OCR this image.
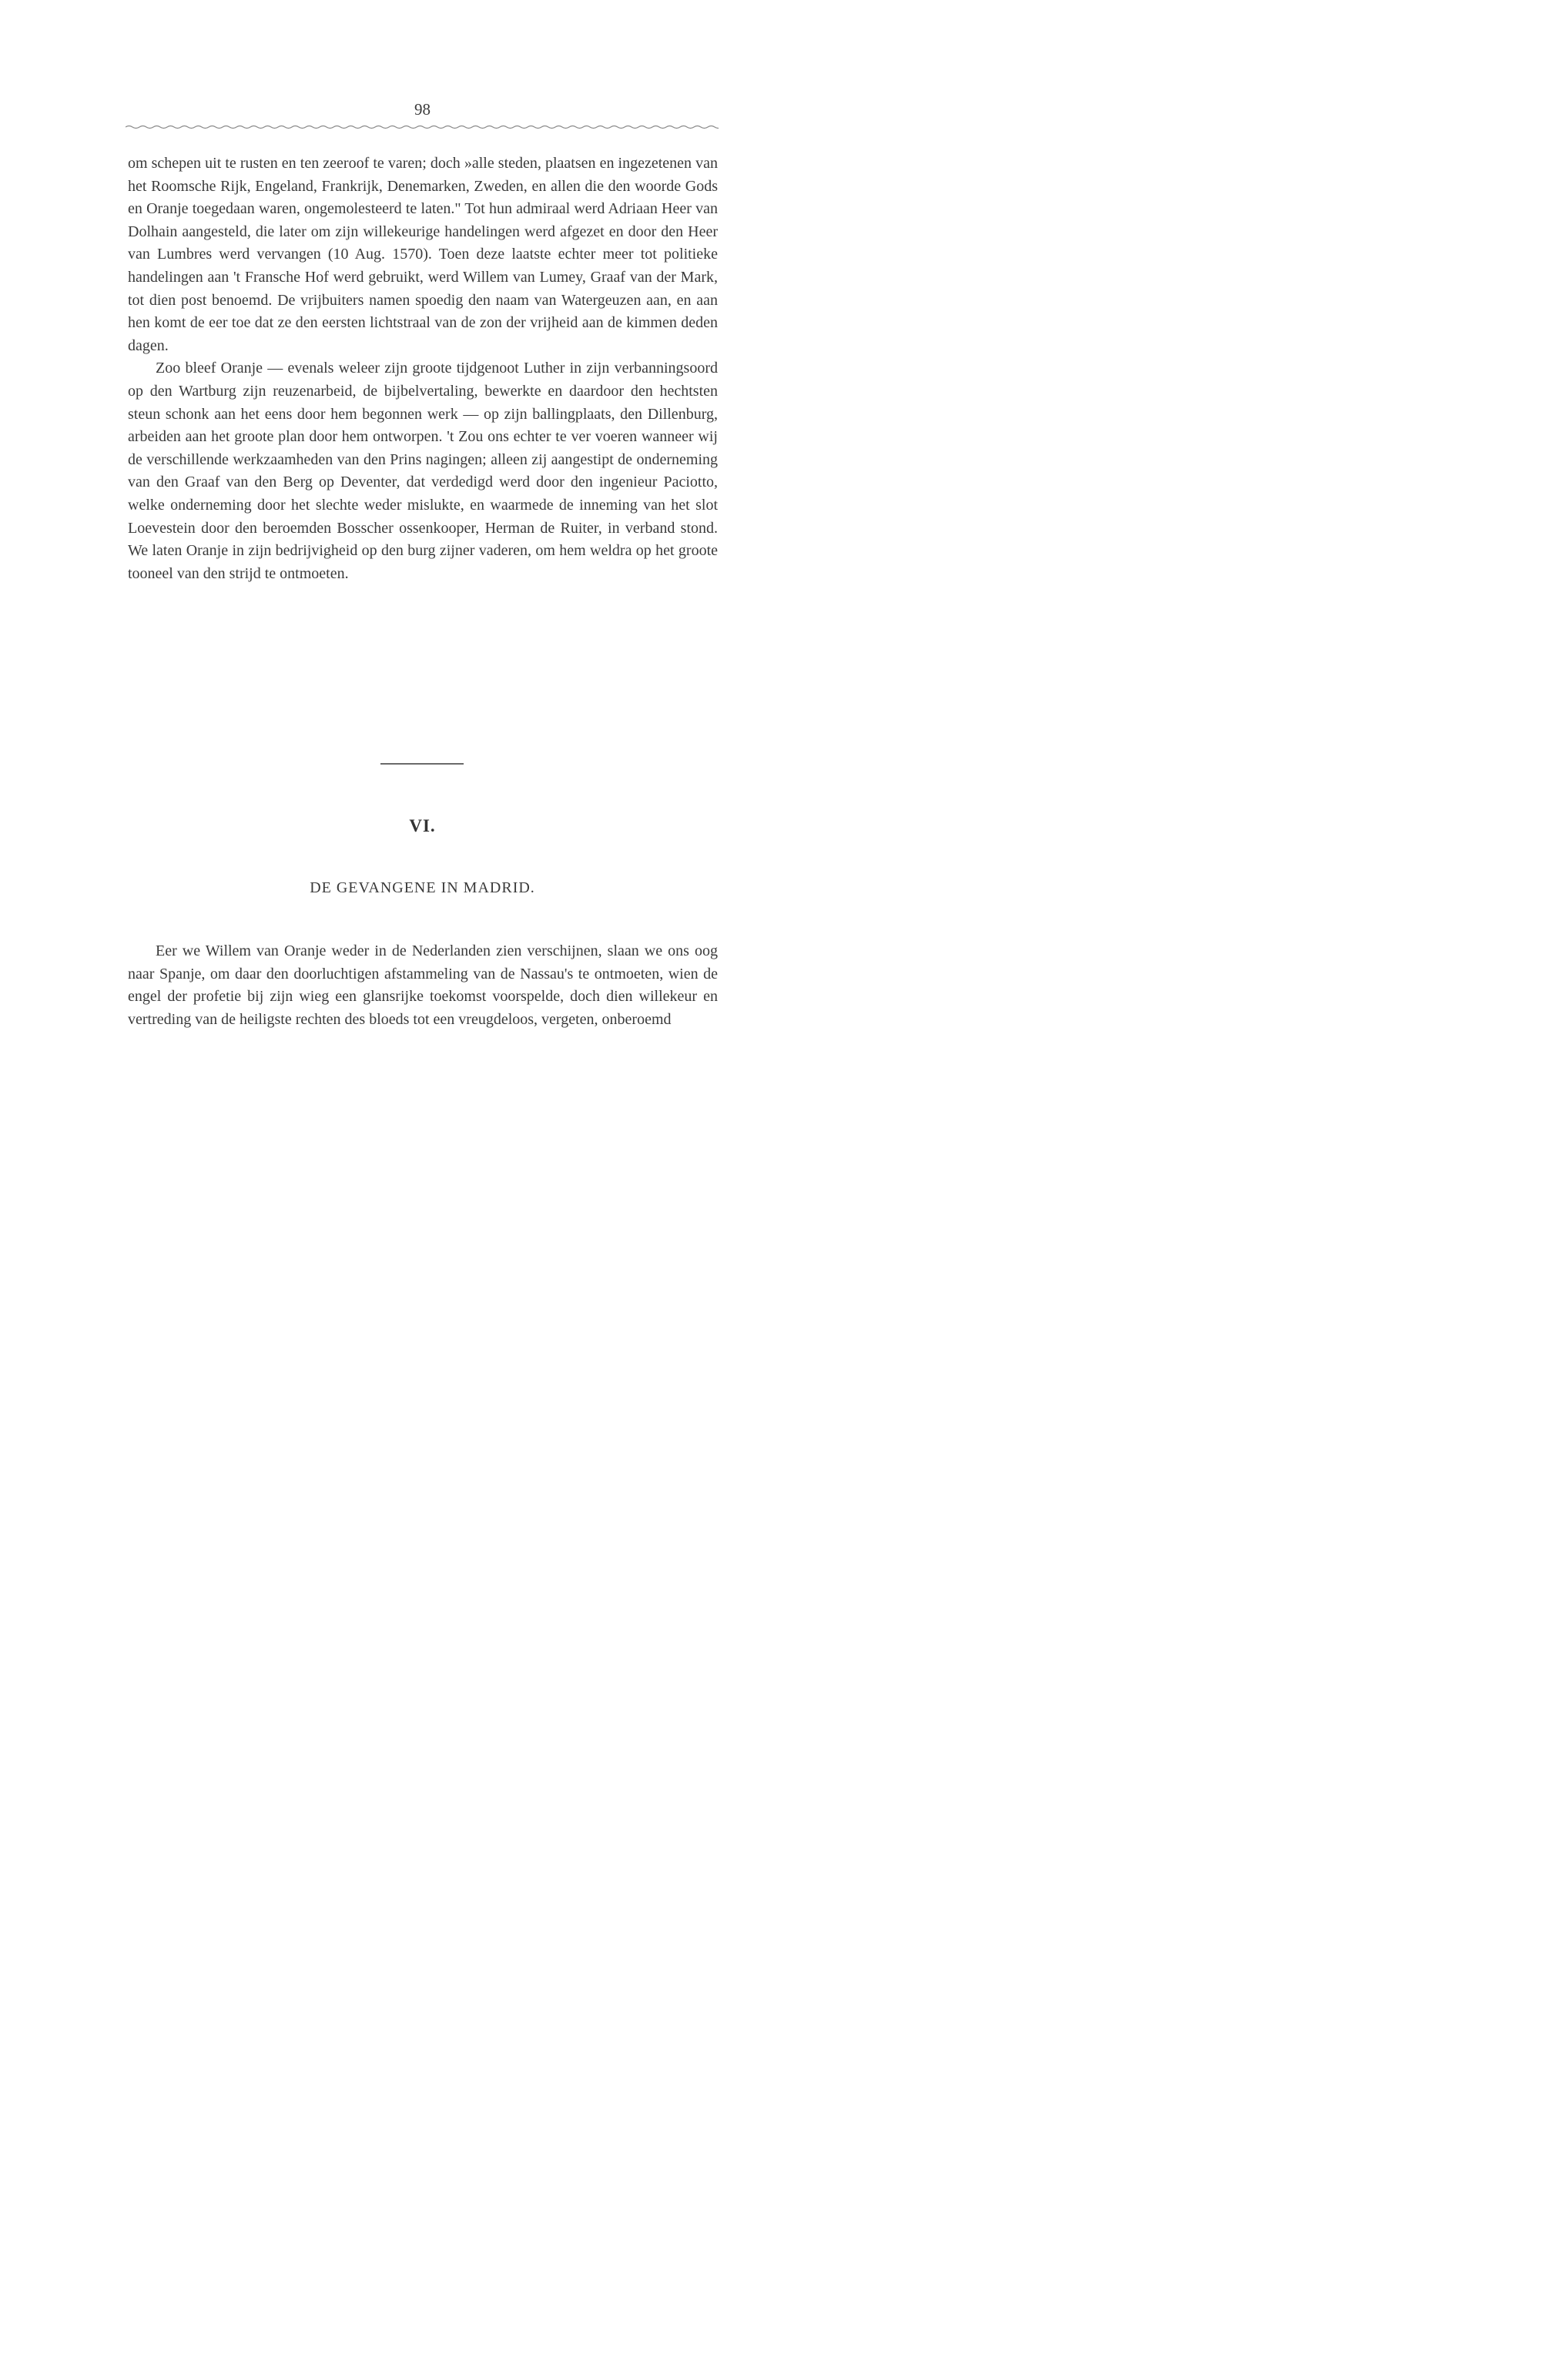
98

om schepen uit te rusten en ten zeeroof te varen; doch »alle steden, plaatsen en ingezetenen van het Roomsche Rijk, Engeland, Frankrijk, Denemarken, Zweden, en allen die den woorde Gods en Oranje toegedaan waren, ongemolesteerd te laten." Tot hun admiraal werd Adriaan Heer van Dolhain aangesteld, die later om zijn willekeurige handelingen werd afgezet en door den Heer van Lumbres werd vervangen (10 Aug. 1570). Toen deze laatste echter meer tot politieke handelingen aan 't Fransche Hof werd gebruikt, werd Willem van Lumey, Graaf van der Mark, tot dien post benoemd. De vrijbuiters namen spoedig den naam van Watergeuzen aan, en aan hen komt de eer toe dat ze den eersten lichtstraal van de zon der vrijheid aan de kimmen deden dagen.

Zoo bleef Oranje — evenals weleer zijn groote tijdgenoot Luther in zijn verbanningsoord op den Wartburg zijn reuzenarbeid, de bijbelvertaling, bewerkte en daardoor den hechtsten steun schonk aan het eens door hem begonnen werk — op zijn ballingplaats, den Dillenburg, arbeiden aan het groote plan door hem ontworpen. 't Zou ons echter te ver voeren wanneer wij de verschillende werkzaamheden van den Prins nagingen; alleen zij aangestipt de onderneming van den Graaf van den Berg op Deventer, dat verdedigd werd door den ingenieur Paciotto, welke onderneming door het slechte weder mislukte, en waarmede de inneming van het slot Loevestein door den beroemden Bosscher ossenkooper, Herman de Ruiter, in verband stond. We laten Oranje in zijn bedrijvigheid op den burg zijner vaderen, om hem weldra op het groote tooneel van den strijd te ontmoeten.

VI.
DE GEVANGENE IN MADRID.

Eer we Willem van Oranje weder in de Nederlanden zien verschijnen, slaan we ons oog naar Spanje, om daar den doorluchtigen afstammeling van de Nassau's te ontmoeten, wien de engel der profetie bij zijn wieg een glansrijke toekomst voorspelde, doch dien willekeur en vertreding van de heiligste rechten des bloeds tot een vreugdeloos, vergeten, onberoemd
